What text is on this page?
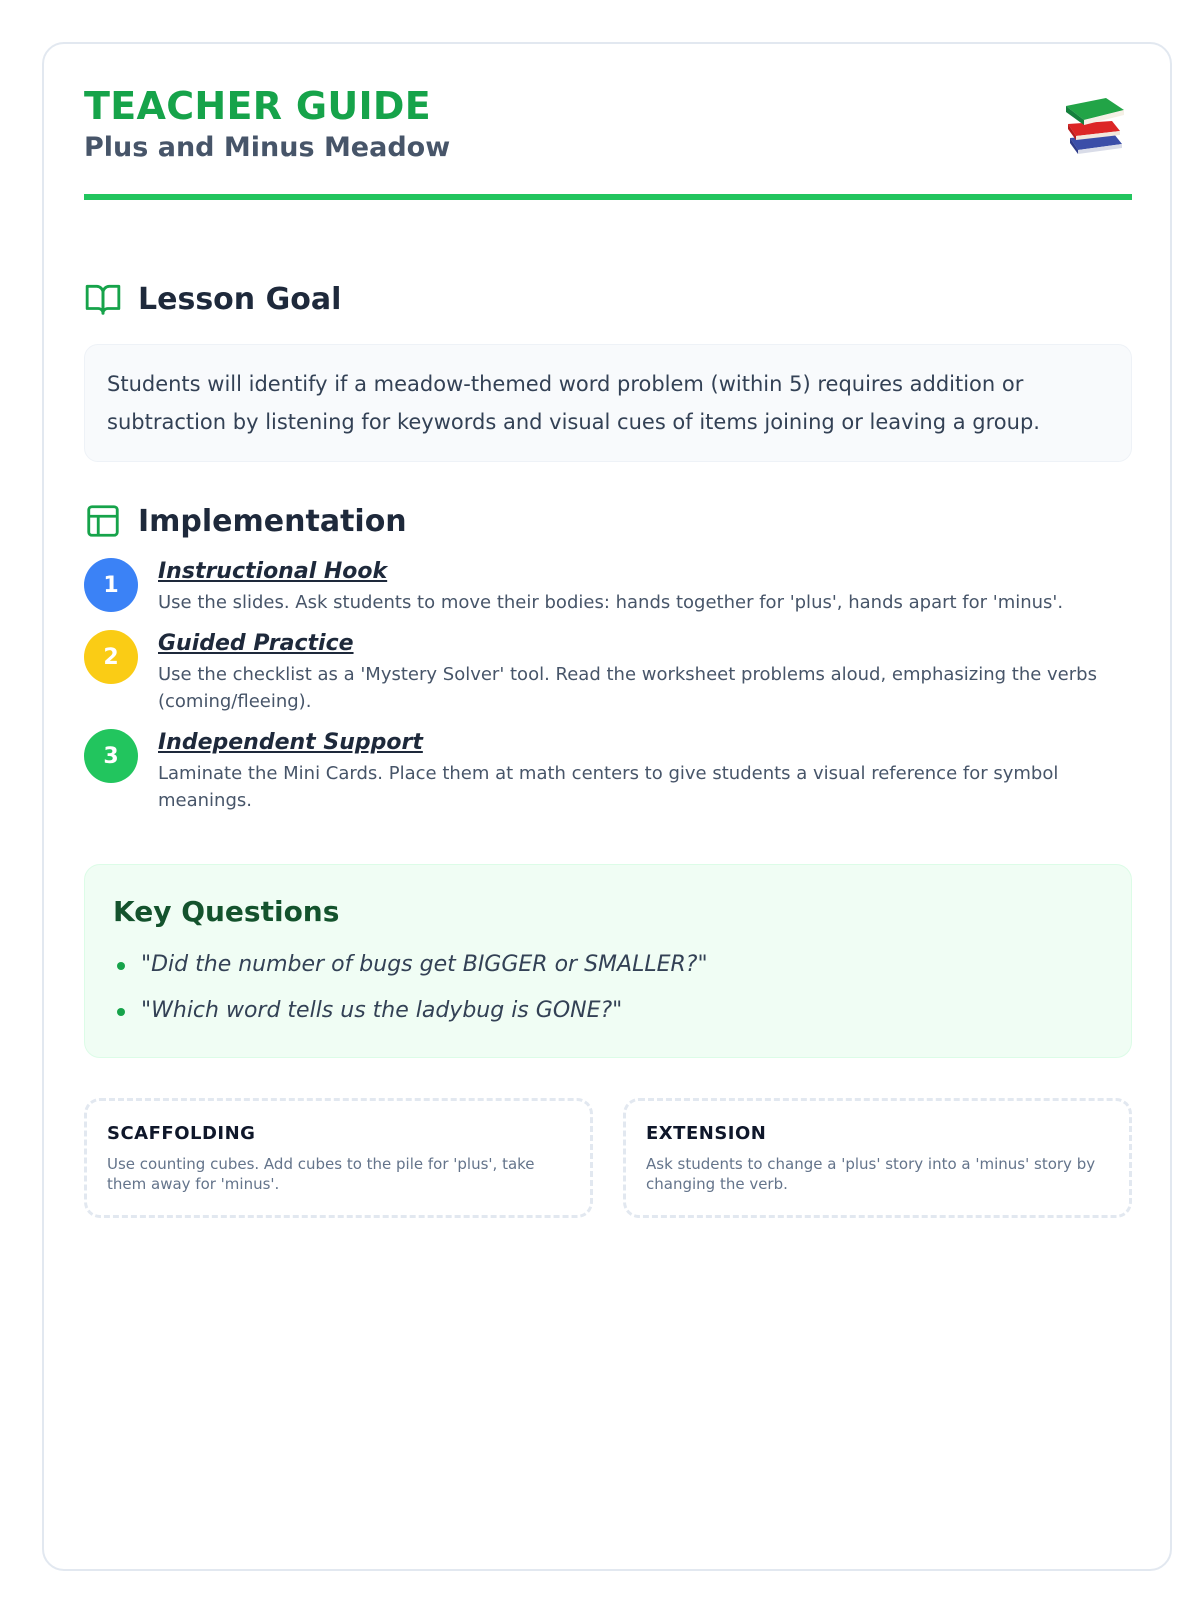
TEACHER GUIDE
Plus and Minus Meadow
Lesson Goal
Students will identify if a meadow-themed word problem (within 5) requires addition or subtraction by listening for keywords and visual cues of items joining or leaving a group.
Implementation
1
Instructional Hook
Use the slides. Ask students to move their bodies: hands together for 'plus', hands apart for 'minus'.
2
Guided Practice
Use the checklist as a 'Mystery Solver' tool. Read the worksheet problems aloud, emphasizing the verbs (coming/fleeing).
3
Independent Support
Laminate the Mini Cards. Place them at math centers to give students a visual reference for symbol meanings.
Key Questions
"Did the number of bugs get BIGGER or SMALLER?"
"Which word tells us the ladybug is GONE?"
SCAFFOLDING

Use counting cubes. Add cubes to the pile for 'plus', take them away for 'minus'.

EXTENSION

Ask students to change a 'plus' story into a 'minus' story by changing the verb.
